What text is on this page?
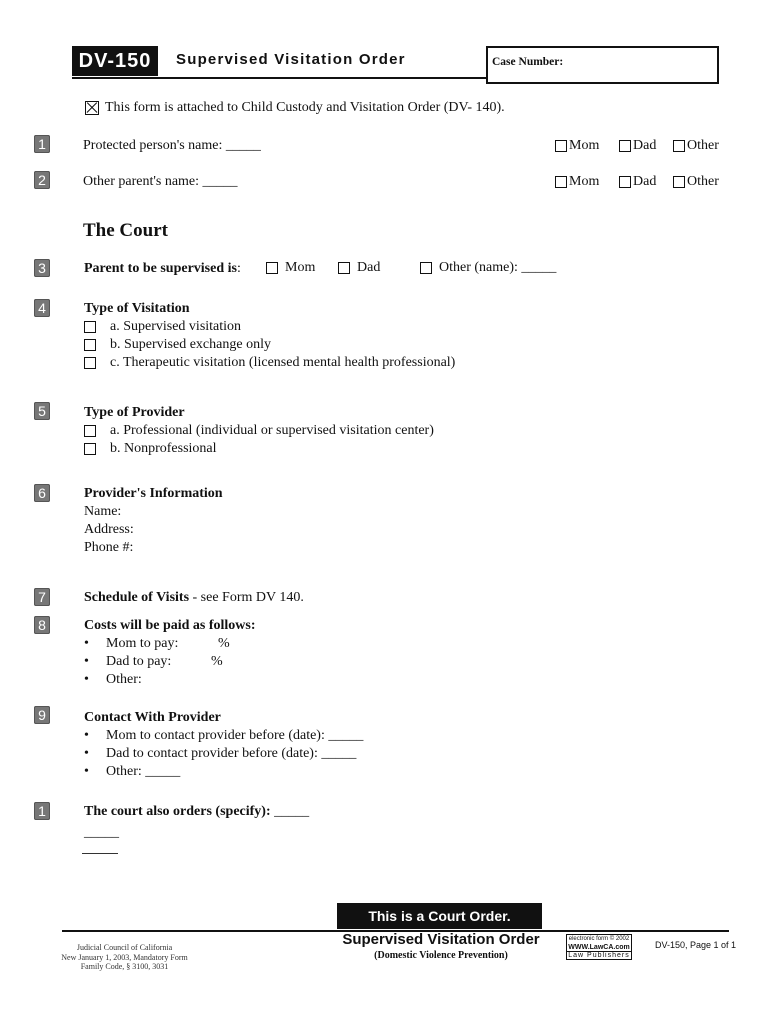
DV-150	Supervised Visitation Order	Case Number:
This form is attached to Child Custody and Visitation Order (DV- 140).
1	Protected person's name: _____	Mom Dad Other
2	Other parent's name: _____	Mom Dad Other
The Court
3	Parent to be supervised is:	Mom	Dad	Other (name):
_____
4	Type of Visitation
a. Supervised visitation
b. Supervised exchange only
c. Therapeutic visitation (licensed mental health professional)
5	Type of Provider
a. Professional (individual or supervised visitation center)
b. Nonprofessional
6	Provider's Information
Name:
Address:
Phone #:
7	Schedule of Visits - see Form DV 140.
8	Costs will be paid as follows:
• Mom to pay:	%
• Dad to pay:	%
• Other:
9	Contact With Provider
• Mom to contact provider before (date): _____
• Dad to contact provider before (date): _____
• Other: _____
1	The court also orders (specify): _____
_____
This is a Court Order.
Judicial Council of California
New January 1, 2003, Mandatory Form
Family Code, § 3100, 3031
Supervised Visitation Order
(Domestic Violence Prevention)
electronic form © 2002
WWW.LawCA.com
Law Publishers
DV-150, Page 1 of 1
